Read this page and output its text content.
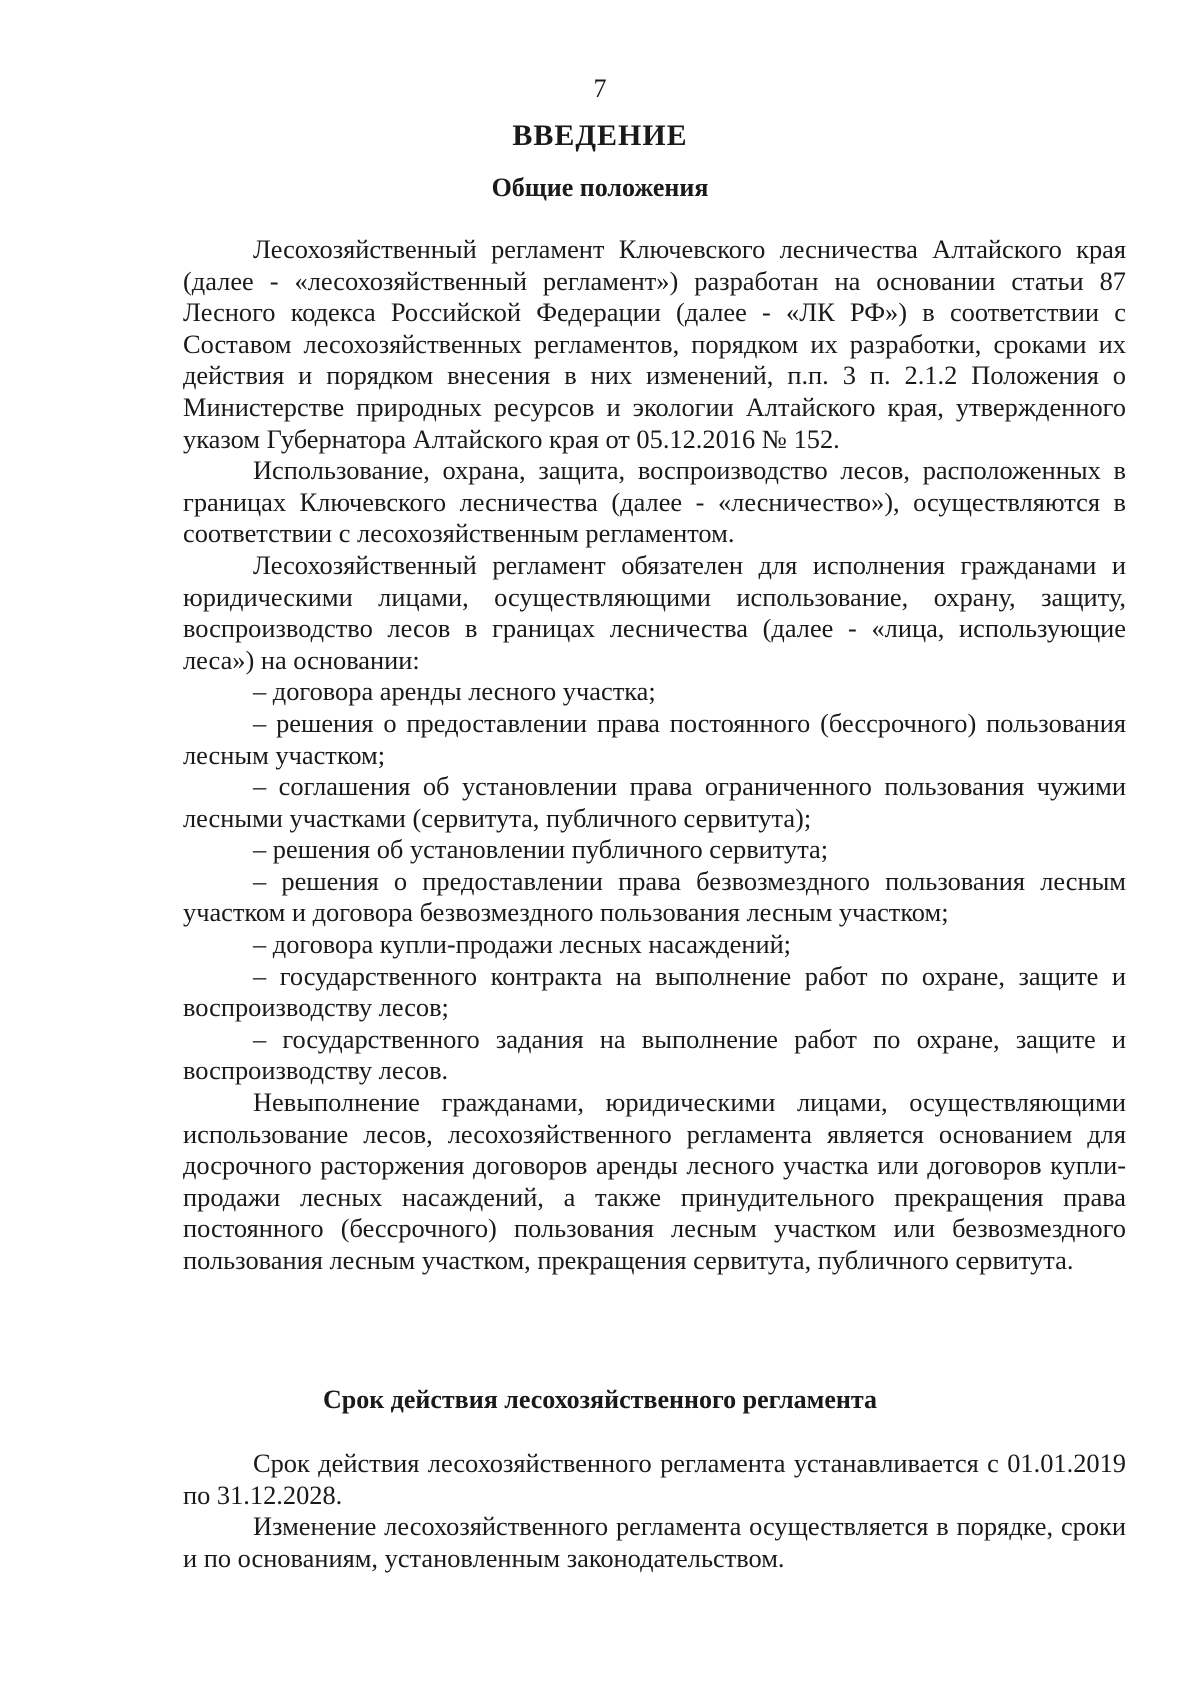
7
ВВЕДЕНИЕ
Общие положения

Лесохозяйственный регламент Ключевского лесничества Алтайского края (далее - «лесохозяйственный регламент») разработан на основании статьи 87 Лесного кодекса Российской Федерации (далее - «ЛК РФ») в соответствии с Составом лесохозяйственных регламентов, порядком их разработки, сроками их действия и порядком внесения в них изменений, п.п. 3 п. 2.1.2 Положения о Министерстве природных ресурсов и экологии Алтайского края, утвержденного указом Губернатора Алтайского края от 05.12.2016 № 152.

Использование, охрана, защита, воспроизводство лесов, расположенных в границах Ключевского лесничества (далее - «лесничество»), осуществляются в соответствии с лесохозяйственным регламентом.

Лесохозяйственный регламент обязателен для исполнения гражданами и юридическими лицами, осуществляющими использование, охрану, защиту, воспроизводство лесов в границах лесничества (далее - «лица, использующие леса») на основании:

– договора аренды лесного участка;

– решения о предоставлении права постоянного (бессрочного) пользования лесным участком;

– соглашения об установлении права ограниченного пользования чужими лесными участками (сервитута, публичного сервитута);

– решения об установлении публичного сервитута;

– решения о предоставлении права безвозмездного пользования лесным участком и договора безвозмездного пользования лесным участком;

– договора купли-продажи лесных насаждений;

– государственного контракта на выполнение работ по охране, защите и воспроизводству лесов;

– государственного задания на выполнение работ по охране, защите и воспроизводству лесов.

Невыполнение гражданами, юридическими лицами, осуществляющими использование лесов, лесохозяйственного регламента является основанием для досрочного расторжения договоров аренды лесного участка или договоров купли-продажи лесных насаждений, а также принудительного прекращения права постоянного (бессрочного) пользования лесным участком или безвозмездного пользования лесным участком, прекращения сервитута, публичного сервитута.

Срок действия лесохозяйственного регламента

Срок действия лесохозяйственного регламента устанавливается с 01.01.2019 по 31.12.2028.

Изменение лесохозяйственного регламента осуществляется в порядке, сроки и по основаниям, установленным законодательством.
